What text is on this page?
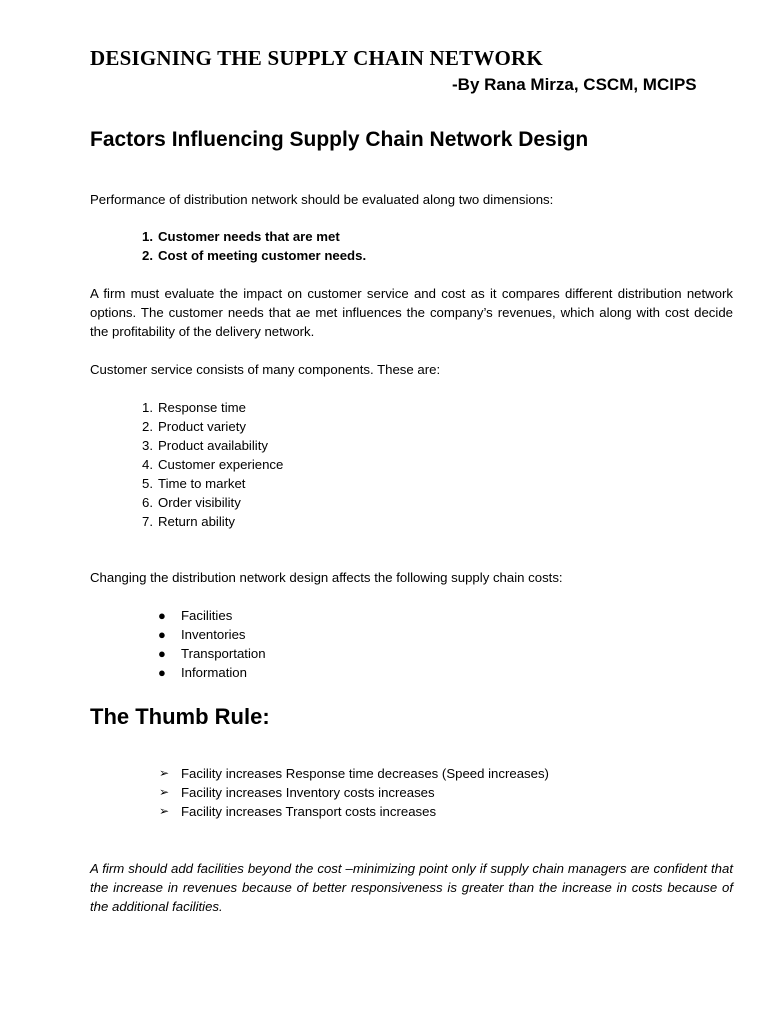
DESIGNING THE SUPPLY CHAIN NETWORK
-By Rana Mirza, CSCM, MCIPS
Factors Influencing Supply Chain Network Design

Performance of distribution network should be evaluated along two dimensions:

1. Customer needs that are met
2. Cost of meeting customer needs.

A firm must evaluate the impact on customer service and cost as it compares different distribution network options. The customer needs that ae met influences the company’s revenues, which along with cost decide the profitability of the delivery network.

Customer service consists of many components. These are:

1. Response time
2. Product variety
3. Product availability
4. Customer experience
5. Time to market
6. Order visibility
7. Return ability

Changing the distribution network design affects the following supply chain costs:

● Facilities
● Inventories
● Transportation
● Information
The Thumb Rule:
➢ Facility increases Response time decreases (Speed increases)
➢ Facility increases Inventory costs increases
➢ Facility increases Transport costs increases

A firm should add facilities beyond the cost –minimizing point only if supply chain managers are confident that the increase in revenues because of better responsiveness is greater than the increase in costs because of the additional facilities.
